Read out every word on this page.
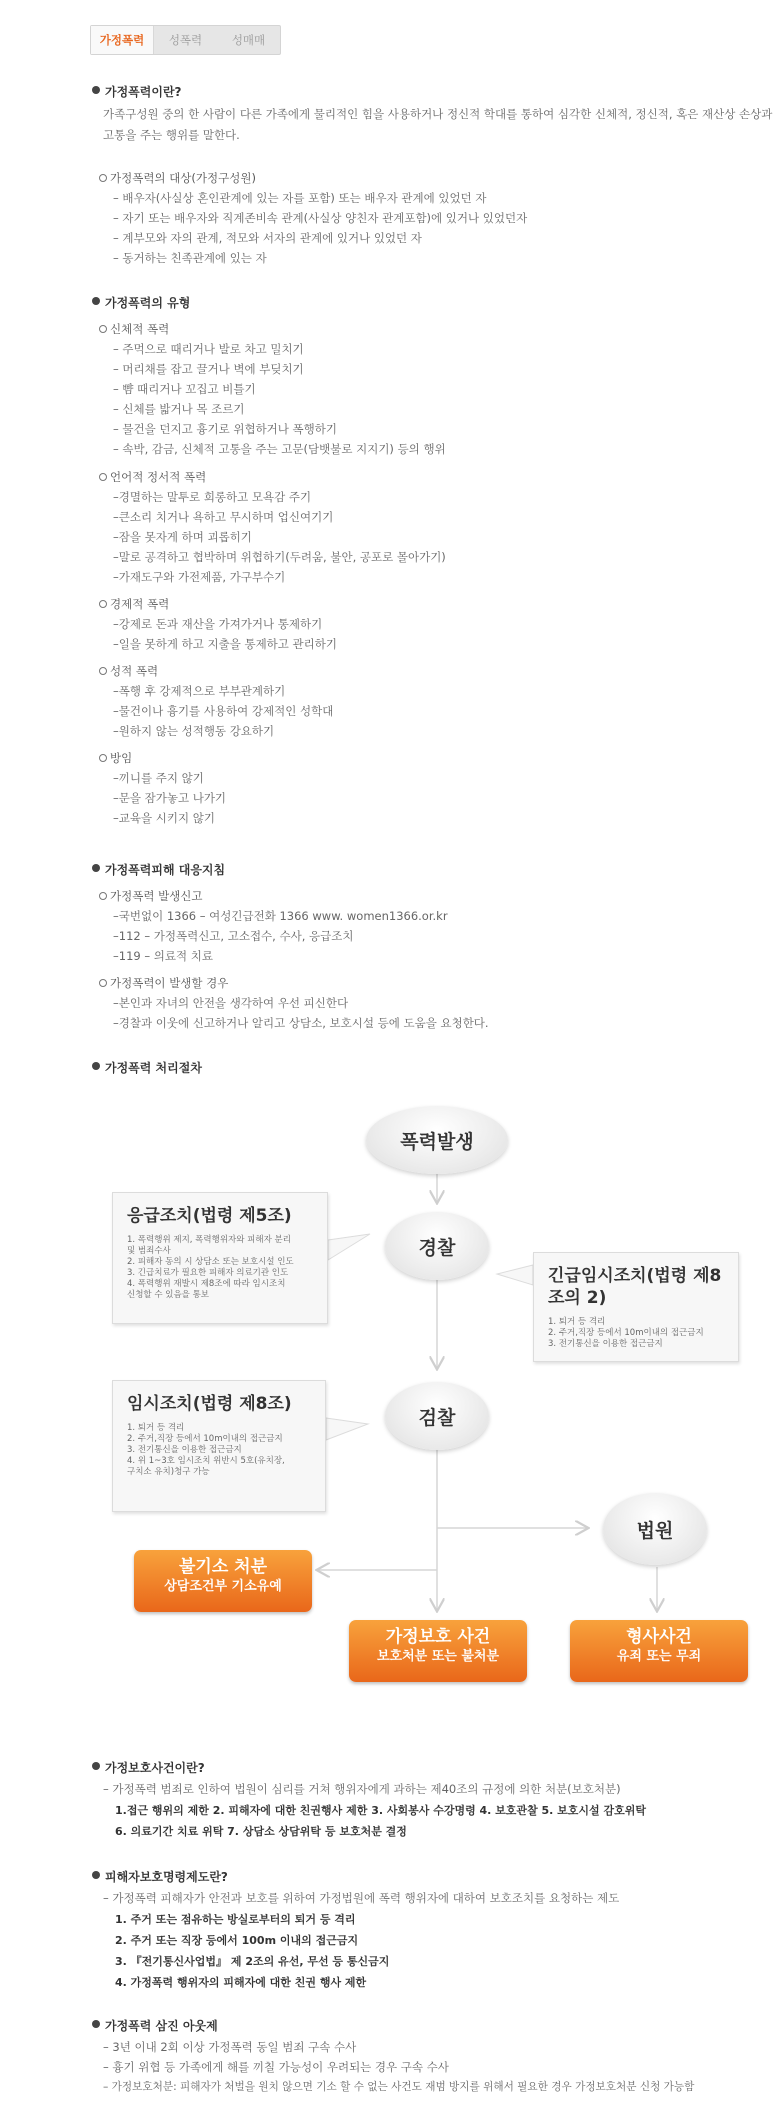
가정폭력	성폭력	성매매
가정폭력이란?
가족구성원 중의 한 사람이 다른 가족에게 물리적인 힘을 사용하거나 정신적 학대를 통하여 심각한 신체적, 정신적, 혹은 재산상 손상과 고통을 주는 행위를 말한다.
가정폭력의 대상(가정구성원)
– 배우자(사실상 혼인관계에 있는 자를 포함) 또는 배우자 관계에 있었던 자
– 자기 또는 배우자와 직계존비속 관계(사실상 양친자 관계포함)에 있거나 있었던자
– 계부모와 자의 관계, 적모와 서자의 관계에 있거나 있었던 자
– 동거하는 친족관계에 있는 자
가정폭력의 유형
신체적 폭력
– 주먹으로 때리거나 발로 차고 밀치기
– 머리채를 잡고 끌거나 벽에 부딪치기
– 뺨 때리거나 꼬집고 비틀기
– 신체를 밟거나 목 조르기
– 물건을 던지고 흉기로 위협하거나 폭행하기
– 속박, 감금, 신체적 고통을 주는 고문(담뱃불로 지지기) 등의 행위
언어적 정서적 폭력
–경멸하는 말투로 희롱하고 모욕감 주기
–큰소리 치거나 욕하고 무시하며 업신여기기
–잠을 못자게 하며 괴롭히기
–말로 공격하고 협박하며 위협하기(두려움, 불안, 공포로 몰아가기)
–가재도구와 가전제품, 가구부수기
경제적 폭력
–강제로 돈과 재산을 가져가거나 통제하기
–일을 못하게 하고 지출을 통제하고 관리하기
성적 폭력
–폭행 후 강제적으로 부부관계하기
–물건이나 흉기를 사용하여 강제적인 성학대
–원하지 않는 성적행동 강요하기
방임
–끼니를 주지 않기
–문을 잠가놓고 나가기
–교육을 시키지 않기
가정폭력피해 대응지침
가정폭력 발생신고
–국번없이 1366 – 여성긴급전화 1366 www. women1366.or.kr
–112 – 가정폭력신고, 고소접수, 수사, 응급조치
–119 – 의료적 치료
가정폭력이 발생할 경우
–본인과 자녀의 안전을 생각하여 우선 피신한다
–경찰과 이웃에 신고하거나 알리고 상담소, 보호시설 등에 도움을 요청한다.
가정폭력 처리절차
폭력발생
경찰
검찰
법원
응급조치(법령 제5조)
1. 폭력행위 제지, 폭력행위자와 피해자 분리
및 범죄수사
2. 피해자 동의 시 상담소 또는 보호시설 인도
3. 긴급치료가 필요한 피해자 의료기관 인도
4. 폭력행위 재발시 제8조에 따라 임시조치
신청할 수 있음을 통보
긴급임시조치(법령 제8조의 2)
1. 퇴거 등 격리
2. 주거,직장 등에서 10m이내의 접근금지
3. 전기통신을 이용한 접근금지
임시조치(법령 제8조)
1. 퇴거 등 격리
2. 주거,직장 등에서 10m이내의 접근금지
3. 전기통신을 이용한 접근금지
4. 위 1~3호 임시조치 위반시 5호(유치장,
구치소 유치)청구 가능
불기소 처분
상담조건부 기소유예
가정보호 사건
보호처분 또는 불처분
형사사건
유죄 또는 무죄
가정보호사건이란?
– 가정폭력 범죄로 인하여 법원이 심리를 거쳐 행위자에게 과하는 제40조의 규정에 의한 처분(보호처분)
1.접근 행위의 제한 2. 피해자에 대한 친권행사 제한 3. 사회봉사 수강명령 4. 보호관찰 5. 보호시설 감호위탁
6. 의료기간 치료 위탁 7. 상담소 상담위탁 등 보호처분 결정
피해자보호명령제도란?
– 가정폭력 피해자가 안전과 보호를 위하여 가정법원에 폭력 행위자에 대하여 보호조치를 요청하는 제도
1. 주거 또는 점유하는 방실로부터의 퇴거 등 격리
2. 주거 또는 직장 등에서 100m 이내의 접근금지
3. 『전기통신사업법』 제 2조의 유선, 무선 등 통신금지
4. 가정폭력 행위자의 피해자에 대한 친권 행사 제한
가정폭력 삼진 아웃제
– 3년 이내 2회 이상 가정폭력 동일 범죄 구속 수사
– 흉기 위협 등 가족에게 해를 끼칠 가능성이 우려되는 경우 구속 수사
– 가정보호처분: 피해자가 처벌을 원치 않으면 기소 할 수 없는 사건도 재범 방지를 위해서 필요한 경우 가정보호처분 신청 가능함
